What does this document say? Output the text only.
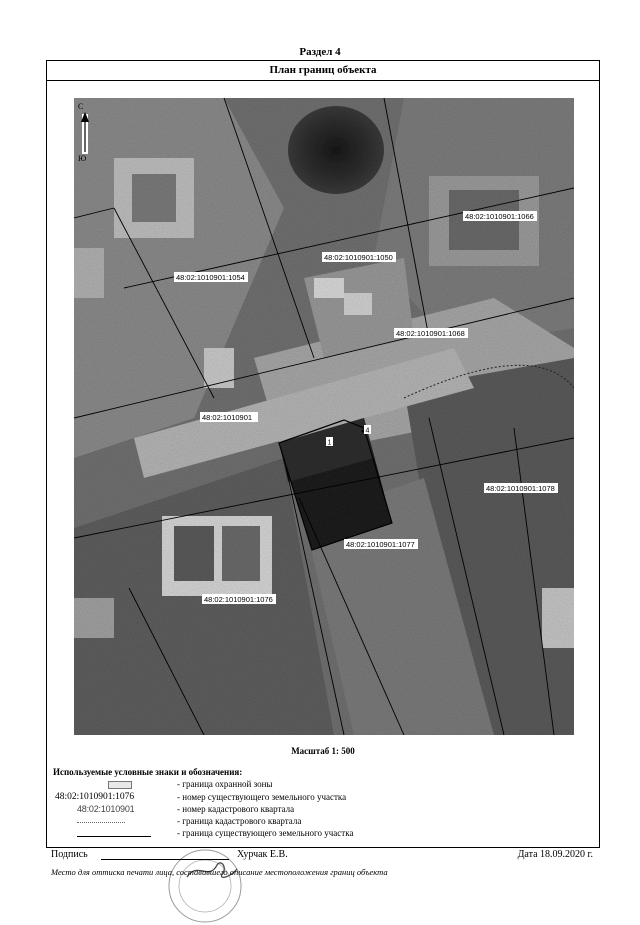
Раздел 4
План границ объекта
48:02:1010901:1066
48:02:1010901:1050
48:02:1010901:1054
48:02:1010901:1068
48:02:1010901
48:02:1010901:1078
48:02:1010901:1077
48:02:1010901:1076
1
4
С
Ю
Масштаб 1: 500
Используемые условные знаки и обозначения:
- граница охранной зоны
48:02:1010901:1076	- номер существующего земельного участка
48:02:1010901	- номер кадастрового квартала
- граница кадастрового квартала
- граница существующего земельного участка
Подпись	Хурчак Е.В.	Дата 18.09.2020 г.
Место для оттиска печати лица, составившего описание местоположения границ объекта
